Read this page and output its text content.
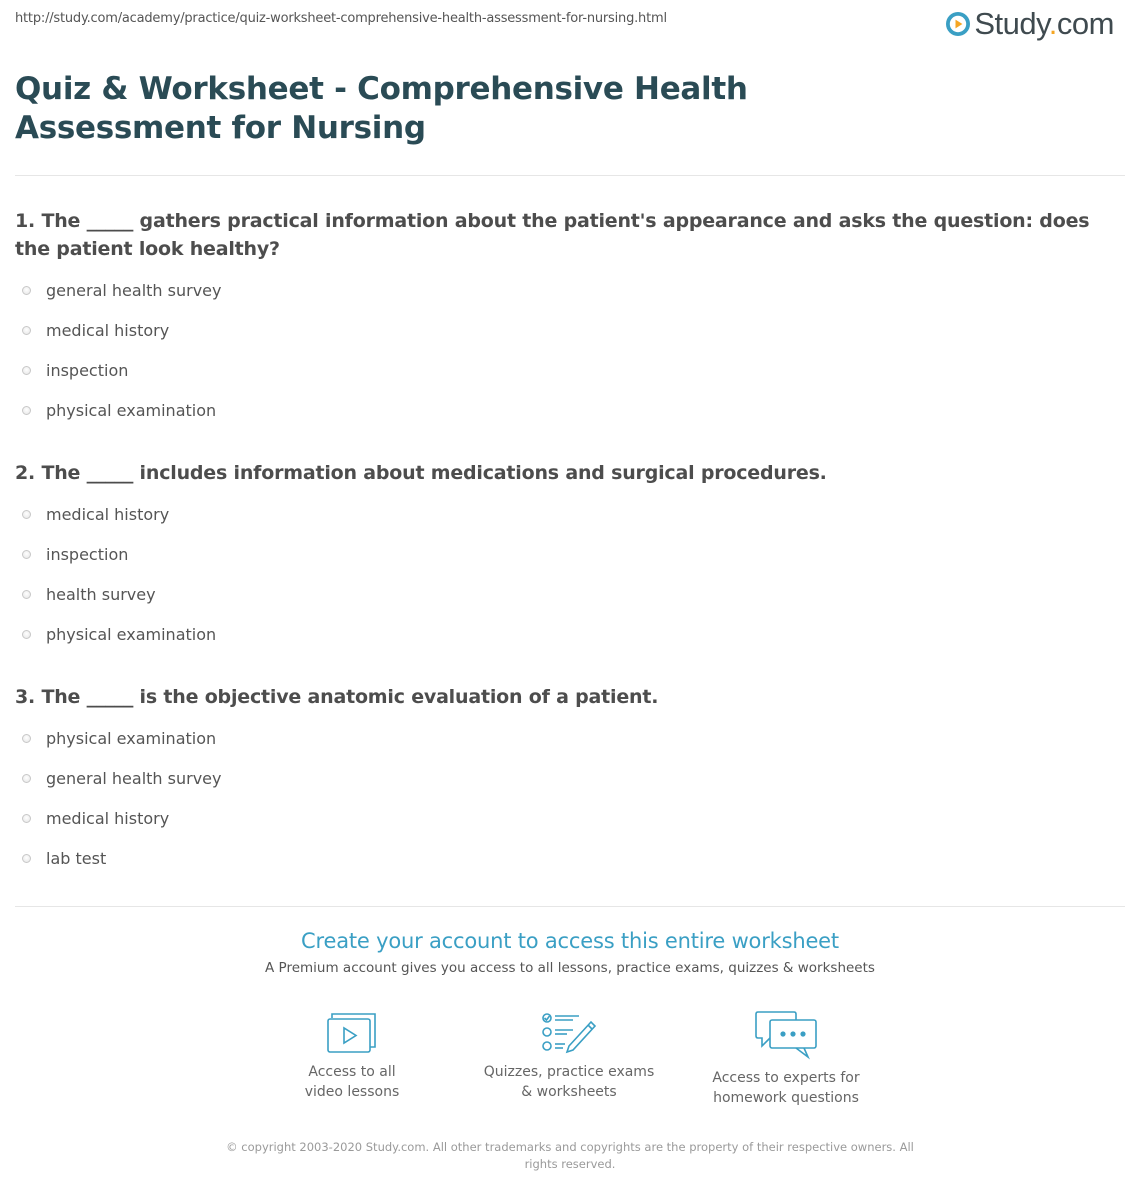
http://study.com/academy/practice/quiz-worksheet-comprehensive-health-assessment-for-nursing.html	Study.com
Quiz & Worksheet - Comprehensive Health Assessment for Nursing

1. The _____ gathers practical information about the patient's appearance and asks the question: does the patient look healthy?

general health survey
medical history
inspection
physical examination

2. The _____ includes information about medications and surgical procedures.

medical history
inspection
health survey
physical examination

3. The _____ is the objective anatomic evaluation of a patient.

physical examination
general health survey
medical history
lab test
Create your account to access this entire worksheet
A Premium account gives you access to all lessons, practice exams, quizzes & worksheets
Access to all
video lessons
Quizzes, practice exams
& worksheets
Access to experts for
homework questions
© copyright 2003-2020 Study.com. All other trademarks and copyrights are the property of their respective owners. All rights reserved.
